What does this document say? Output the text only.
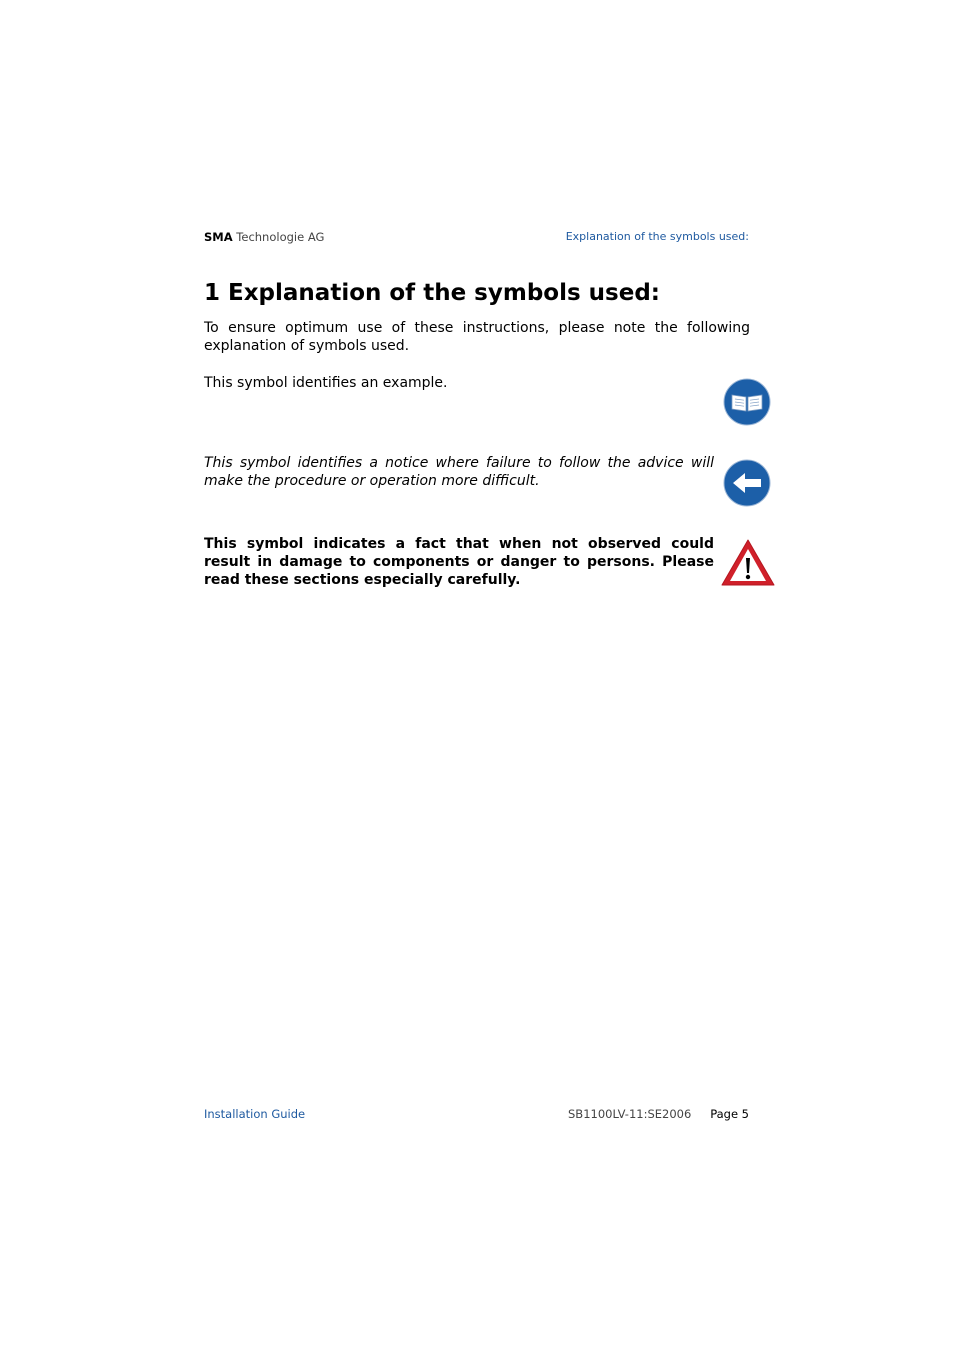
SMA Technologie AG	Explanation of the symbols used:
1 Explanation of the symbols used:

To ensure optimum use of these instructions, please note the following explanation of symbols used.

This symbol identifies an example.

This symbol identifies a notice where failure to follow the advice will make the procedure or operation more difficult.

This symbol indicates a fact that when not observed could result in damage to components or danger to persons. Please read these sections especially carefully.

Installation Guide	SB1100LV-11:SE2006 Page 5
